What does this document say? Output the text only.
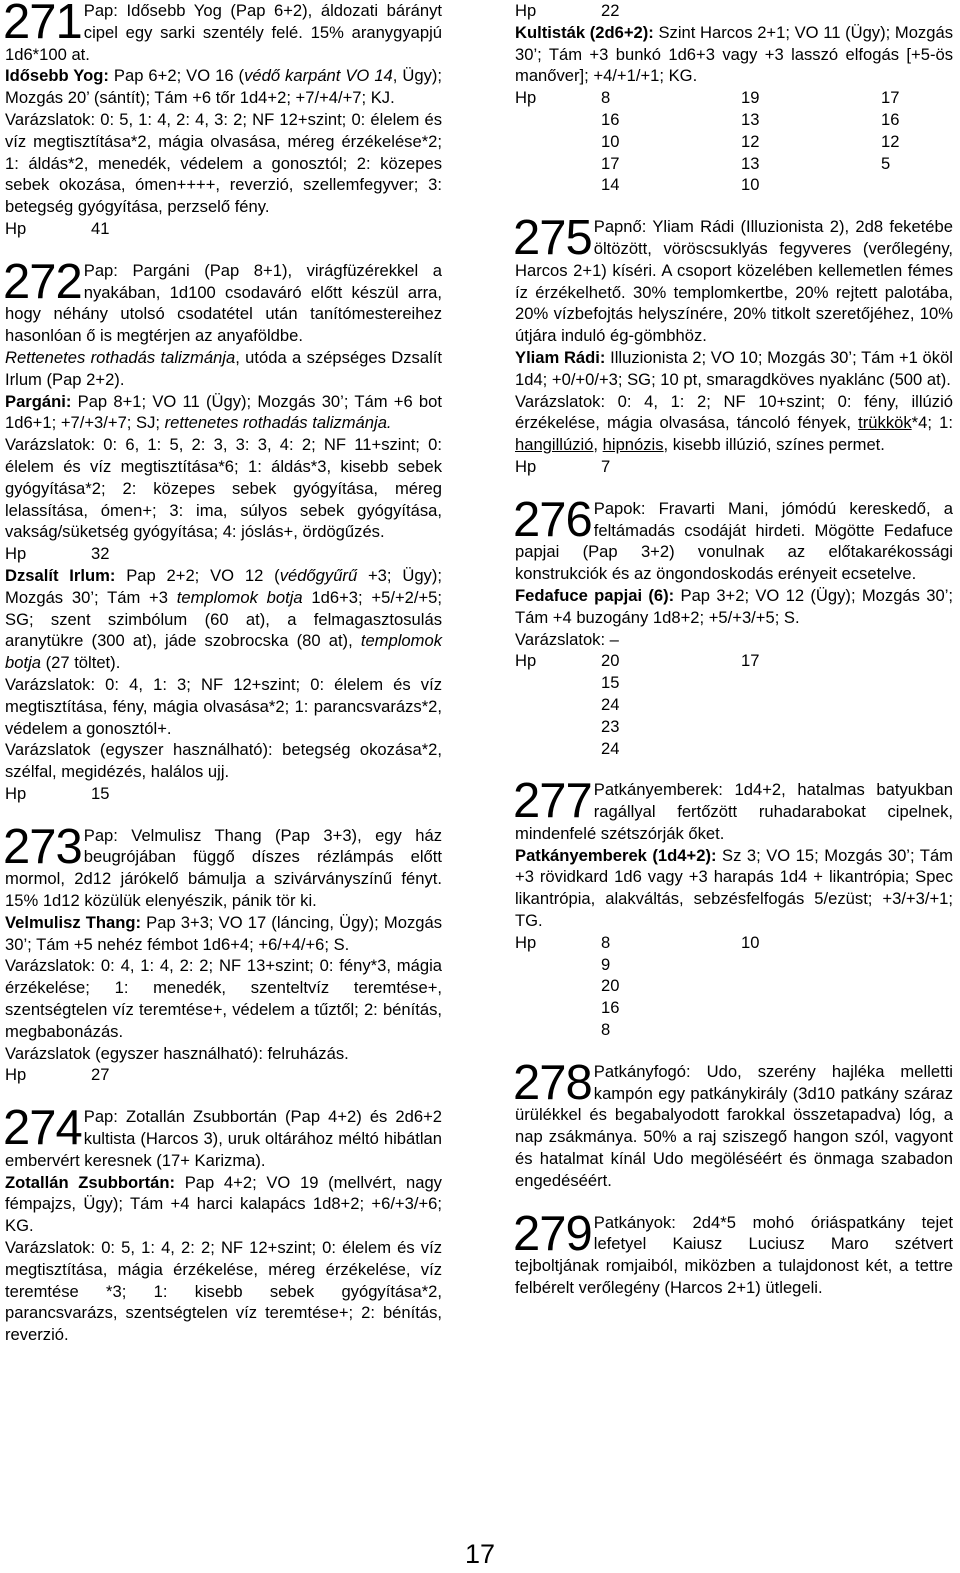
271 Pap: Idősebb Yog (Pap 6+2), áldozati bárányt cipel egy sarki szentély felé. 15% aranygyapjú 1d6*100 at.

Idősebb Yog: Pap 6+2; VO 16 (védő karpánt VO 14, Ügy); Mozgás 20’ (sántít); Tám +6 tőr 1d4+2; +7/+4/+7; KJ.

Varázslatok: 0: 5, 1: 4, 2: 4, 3: 2; NF 12+szint; 0: élelem és víz megtisztítása*2, mágia olvasása, méreg érzékelése*2; 1: áldás*2, menedék, védelem a gonosztól; 2: közepes sebek okozása, ómen++++, reverzió, szellemfegyver; 3: betegség gyógyítása, perzselő fény.

Hp	41
272 Pap: Pargáni (Pap 8+1), virágfüzérekkel a nyakában, 1d100 csodaváró előtt készül arra, hogy néhány utolsó csodatétel után tanítómestereihez hasonlóan ő is megtérjen az anyaföldbe.

Rettenetes rothadás talizmánja, utóda a szépséges Dzsalít Irlum (Pap 2+2).

Pargáni: Pap 8+1; VO 11 (Ügy); Mozgás 30’; Tám +6 bot 1d6+1; +7/+3/+7; SJ; rettenetes rothadás talizmánja.

Varázslatok: 0: 6, 1: 5, 2: 3, 3: 3, 4: 2; NF 11+szint; 0: élelem és víz megtisztítása*6; 1: áldás*3, kisebb sebek gyógyítása*2; 2: közepes sebek gyógyítása, méreg lelassítása, ómen+; 3: ima, súlyos sebek gyógyítása, vakság/süketség gyógyítása; 4: jóslás+, ördögűzés.

Hp	32

Dzsalít Irlum: Pap 2+2; VO 12 (védőgyűrű +3; Ügy); Mozgás 30’; Tám +3 templomok botja 1d6+3; +5/+2/+5; SG; szent szimbólum (60 at), a felmagasztosulás aranytükre (300 at), jáde szobrocska (80 at), templomok botja (27 töltet).

Varázslatok: 0: 4, 1: 3; NF 12+szint; 0: élelem és víz megtisztítása, fény, mágia olvasása*2; 1: parancsvarázs*2, védelem a gonosztól+.

Varázslatok (egyszer használható): betegség okozása*2, szélfal, megidézés, halálos ujj.

Hp	15
273 Pap: Velmulisz Thang (Pap 3+3), egy ház beugrójában függő díszes rézlámpás előtt mormol, 2d12 járókelő bámulja a szivárványszínű fényt. 15% 1d12 közülük elenyészik, pánik tör ki.

Velmulisz Thang: Pap 3+3; VO 17 (láncing, Ügy); Mozgás 30’; Tám +5 nehéz fémbot 1d6+4; +6/+4/+6; S.

Varázslatok: 0: 4, 1: 4, 2: 2; NF 13+szint; 0: fény*3, mágia érzékelése; 1: menedék, szenteltvíz teremtése+, szentségtelen víz teremtése+, védelem a tűztől; 2: bénítás, megbabonázás.

Varázslatok (egyszer használható): felruházás.

Hp	27
274 Pap: Zotallán Zsubbortán (Pap 4+2) és 2d6+2 kultista (Harcos 3), uruk oltárához méltó hibátlan embervért keresnek (17+ Karizma).

Zotallán Zsubbortán: Pap 4+2; VO 19 (mellvért, nagy fémpajzs, Ügy); Tám +4 harci kalapács 1d8+2; +6/+3/+6; KG.

Varázslatok: 0: 5, 1: 4, 2: 2; NF 12+szint; 0: élelem és víz megtisztítása, mágia érzékelése, méreg érzékelése, víz teremtése *3; 1: kisebb sebek gyógyítása*2, parancsvarázs, szentségtelen víz teremtése+; 2: bénítás, reverzió.

Hp	22

Kultisták (2d6+2): Szint Harcos 2+1; VO 11 (Ügy); Mozgás 30’; Tám +3 bunkó 1d6+3 vagy +3 lasszó elfogás [+5-ös manőver]; +4/+1/+1; KG.

Hp	8	19	17
16	13	16
10	12	12
17	13	5
14	10
275 Papnő: Yliam Rádi (Illuzionista 2), 2d8 feketébe öltözött, vöröscsuklyás fegyveres (verőlegény, Harcos 2+1) kíséri. A csoport közelében kellemetlen fémes íz érzékelhető. 30% templomkertbe, 20% rejtett palotába, 20% vízbefojtás helyszínére, 20% titkolt szeretőjéhez, 10% útjára induló ég-gömbhöz.

Yliam Rádi: Illuzionista 2; VO 10; Mozgás 30’; Tám +1 ököl 1d4; +0/+0/+3; SG; 10 pt, smaragdköves nyaklánc (500 at).

Varázslatok: 0: 4, 1: 2; NF 10+szint; 0: fény, illúzió érzékelése, mágia olvasása, táncoló fények, trükkök*4; 1: hangillúzió, hipnózis, kisebb illúzió, színes permet.

Hp	7
276 Papok: Fravarti Mani, jómódú kereskedő, a feltámadás csodáját hirdeti. Mögötte Fedafuce papjai (Pap 3+2) vonulnak az előtakarékossági konstrukciók és az öngondoskodás erényeit ecsetelve.

Fedafuce papjai (6): Pap 3+2; VO 12 (Ügy); Mozgás 30’; Tám +4 buzogány 1d8+2; +5/+3/+5; S.

Varázslatok: –

Hp	20	17
15
24
23
24
277 Patkányemberek: 1d4+2, hatalmas batyukban ragállyal fertőzött ruhadarabokat cipelnek, mindenfelé szétszórják őket.

Patkányemberek (1d4+2): Sz 3; VO 15; Mozgás 30’; Tám +3 rövidkard 1d6 vagy +3 harapás 1d4 + likantrópia; Spec likantrópia, alakváltás, sebzésfelfogás 5/ezüst; +3/+3/+1; TG.

Hp	8	10
9
20
16
8
278 Patkányfogó: Udo, szerény hajléka melletti kampón egy patkánykirály (3d10 patkány száraz ürülékkel és begabalyodott farokkal összetapadva) lóg, a nap zsákmánya. 50% a raj sziszegő hangon szól, vagyont és hatalmat kínál Udo megöléséért és önmaga szabadon engedéséért.
279 Patkányok: 2d4*5 mohó óriáspatkány tejet lefetyel Kaiusz Luciusz Maro szétvert tejboltjának romjaiból, miközben a tulajdonost két, a tettre felbérelt verőlegény (Harcos 2+1) ütlegeli.
17
